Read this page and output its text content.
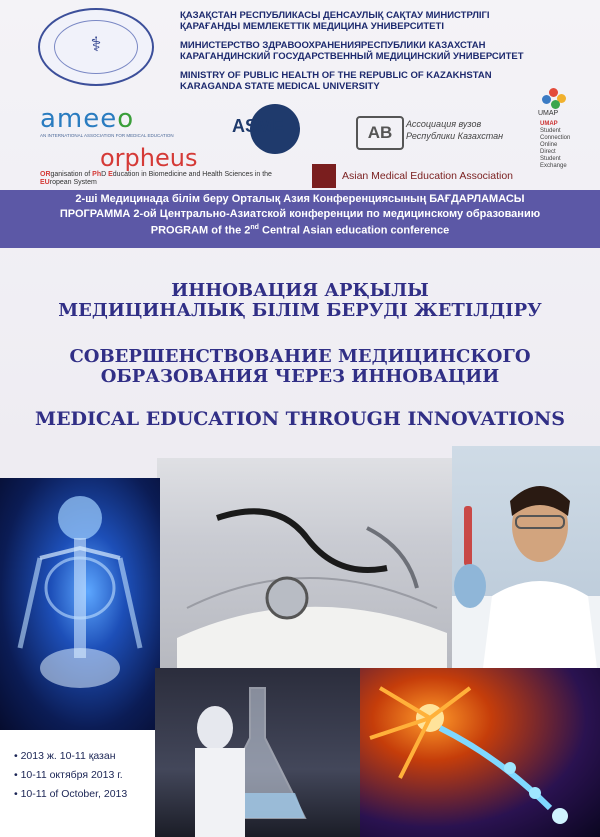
⚕
ҚАЗАҚСТАН РЕСПУБЛИКАСЫ ДЕНСАУЛЫҚ САҚТАУ МИНИСТРЛІГІ
ҚАРАҒАНДЫ МЕМЛЕКЕТТІК МЕДИЦИНА УНИВЕРСИТЕТІ
МИНИСТЕРСТВО ЗДРАВООХРАНЕНИЯРЕСПУБЛИКИ КАЗАХСТАН
КАРАГАНДИНСКИЙ ГОСУДАРСТВЕННЫЙ МЕДИЦИНСКИЙ УНИВЕРСИТЕТ
MINISTRY OF PUBLIC HEALTH OF THE REPUBLIC OF KAZAKHSTAN
KARAGANDA STATE MEDICAL UNIVERSITY
ameeo
AN INTERNATIONAL ASSOCIATION FOR MEDICAL EDUCATION	ASME	AB	Ассоциация вузов
Республики Казахстан
UMAP
UMAP
Student
Connection
Online
Direct
Student
Exchange
orpheus
ORganisation of PhD Education in Biomedicine and Health Sciences in the
EUropean System
Asian Medical Education Association
2-ші Медицинада білім беру Орталық Азия Конференциясының БАҒДАРЛАМАСЫ
ПРОГРАММА 2-ой Центрально-Азиатской конференции по медицинскому образованию
PROGRAM of the 2nd Central Asian education conference
ИННОВАЦИЯ АРҚЫЛЫ
МЕДИЦИНАЛЫҚ БІЛІМ БЕРУДІ ЖЕТІЛДІРУ
СОВЕРШЕНСТВОВАНИЕ МЕДИЦИНСКОГО
ОБРАЗОВАНИЯ ЧЕРЕЗ ИННОВАЦИИ
MEDICAL EDUCATION THROUGH INNOVATIONS
• 2013 ж. 10-11 қазан
• 10-11 октября 2013 г.
• 10-11 of October, 2013
